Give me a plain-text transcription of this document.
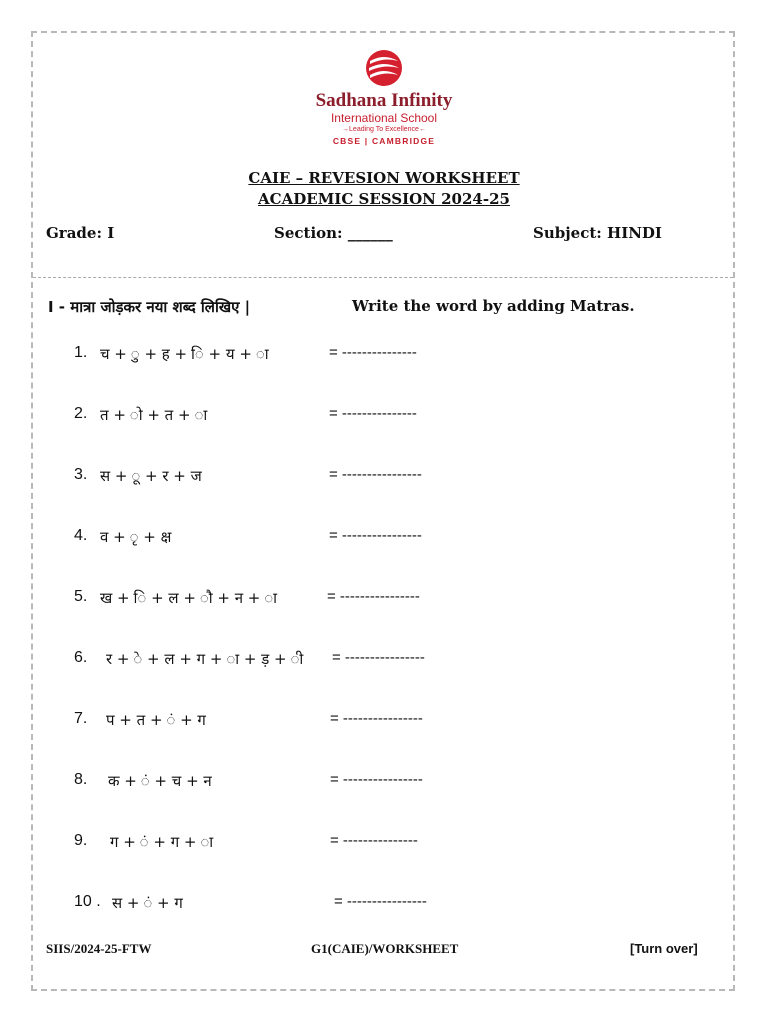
Sadhana Infinity
International School
→Leading To Excellence←
CBSE | CAMBRIDGE
CAIE – REVESION WORKSHEET
ACADEMIC SESSION 2024-25
Grade: I	Section: ______	Subject: HINDI
I - मात्रा जोड़कर नया शब्द लिखिए |	Write the word by adding Matras.
1. च + ु + ह + ि + य + ा	= ---------------
2. त + ो + त + ा	= ---------------
3. स + ू + र + ज	= ----------------
4. व + ृ + क्ष	= ----------------
5. ख + ि + ल + ौ + न + ा	= ----------------
6. र + े + ल + ग + ा + ड़ + ी = ----------------
7. प + त + ं + ग	= ----------------
8. क + ं + च + न	= ----------------
9. ग + ं + ग + ा	= ---------------
10 . स + ं + ग	= ----------------
SIIS/2024-25-FTW	G1(CAIE)/WORKSHEET	[Turn over]
